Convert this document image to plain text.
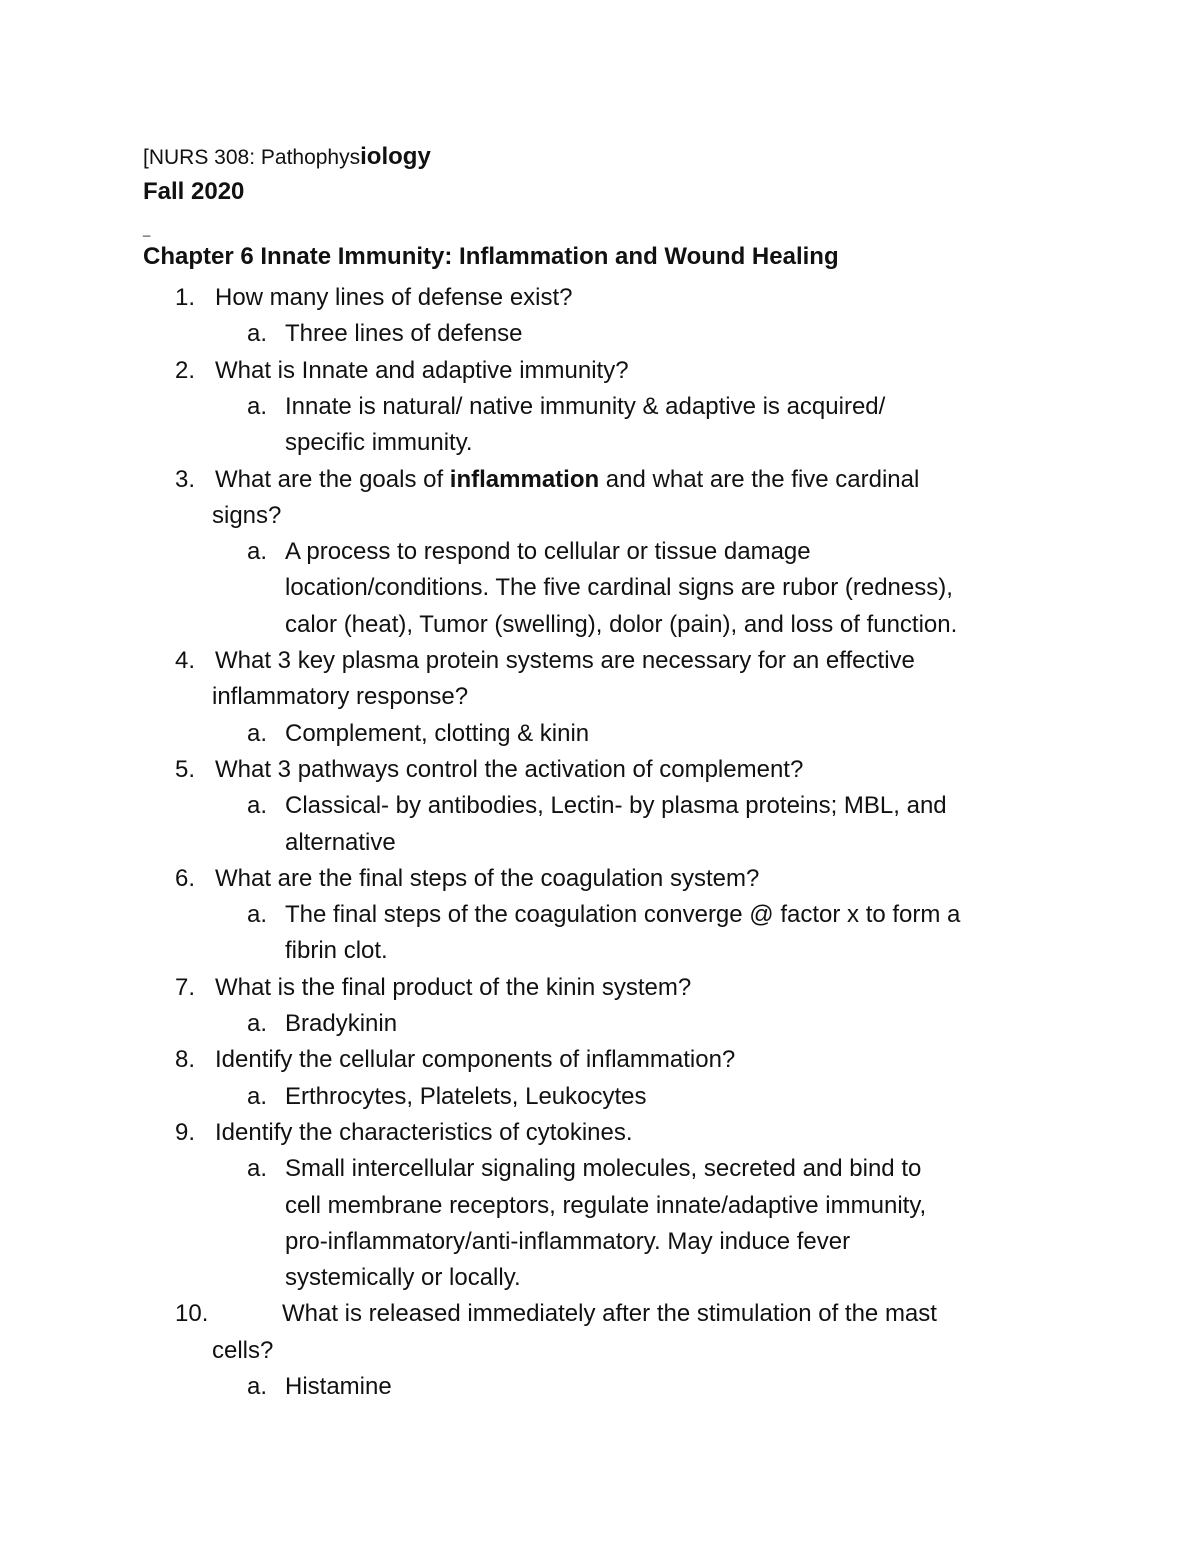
[NURS 308: Pathophysiology
Fall 2020
_
Chapter 6 Innate Immunity: Inflammation and Wound Healing
1. How many lines of defense exist?
a. Three lines of defense
2. What is Innate and adaptive immunity?
a. Innate is natural/ native immunity & adaptive is acquired/
specific immunity.
3. What are the goals of inflammation and what are the five cardinal
signs?
a. A process to respond to cellular or tissue damage
location/conditions. The five cardinal signs are rubor (redness),
calor (heat), Tumor (swelling), dolor (pain), and loss of function.
4. What 3 key plasma protein systems are necessary for an effective
inflammatory response?
a. Complement, clotting & kinin
5. What 3 pathways control the activation of complement?
a. Classical- by antibodies, Lectin- by plasma proteins; MBL, and
alternative
6. What are the final steps of the coagulation system?
a. The final steps of the coagulation converge @ factor x to form a
fibrin clot.
7. What is the final product of the kinin system?
a. Bradykinin
8. Identify the cellular components of inflammation?
a. Erthrocytes, Platelets, Leukocytes
9. Identify the characteristics of cytokines.
a. Small intercellular signaling molecules, secreted and bind to
cell membrane receptors, regulate innate/adaptive immunity,
pro-inflammatory/anti-inflammatory. May induce fever
systemically or locally.
10.	What is released immediately after the stimulation of the mast
cells?
a. Histamine
